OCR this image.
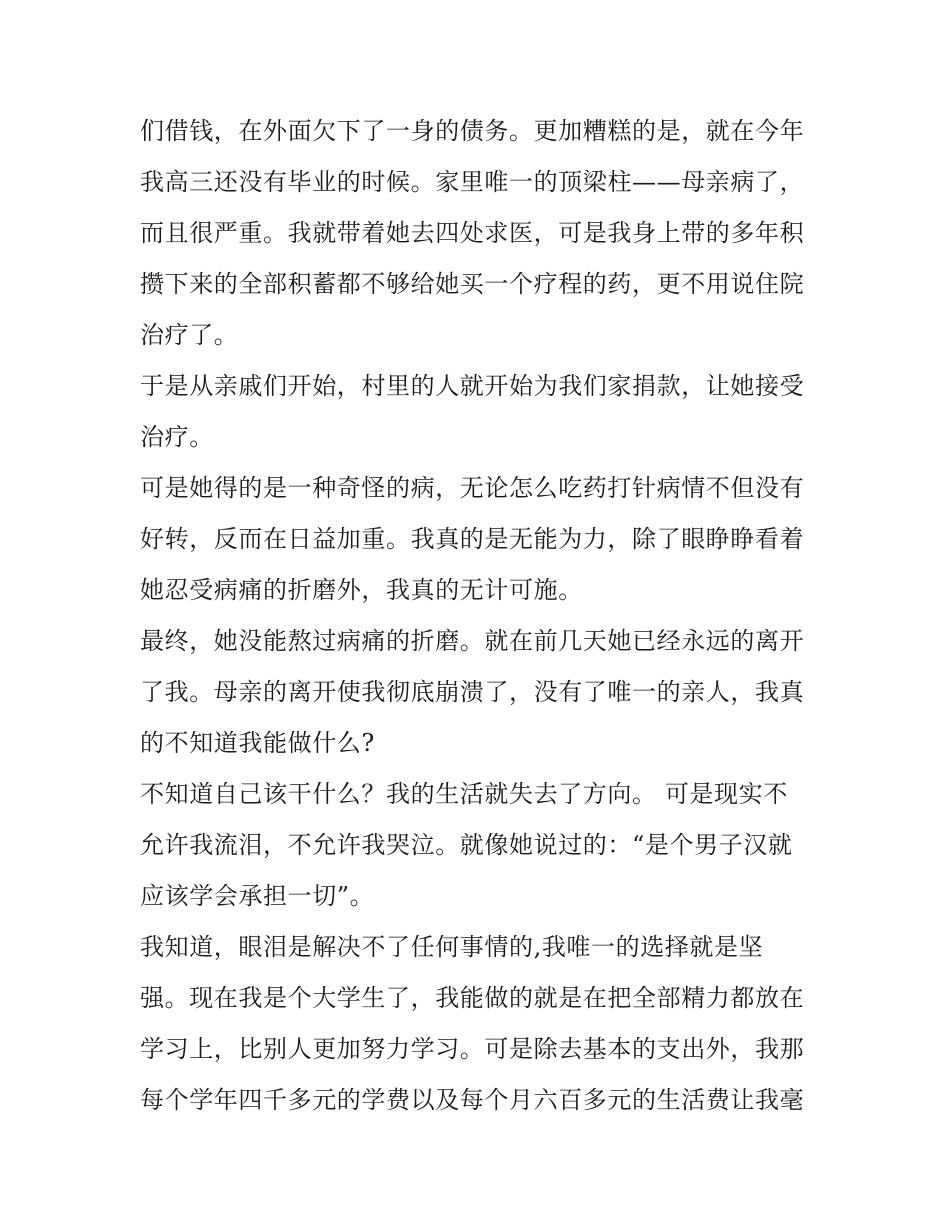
们借钱，在外面欠下了一身的债务。更加糟糕的是，就在今年
我高三还没有毕业的时候。家里唯一的顶梁柱——母亲病了，
而且很严重。我就带着她去四处求医，可是我身上带的多年积
攒下来的全部积蓄都不够给她买一个疗程的药，更不用说住院
治疗了。
于是从亲戚们开始，村里的人就开始为我们家捐款，让她接受
治疗。
可是她得的是一种奇怪的病，无论怎么吃药打针病情不但没有
好转，反而在日益加重。我真的是无能为力，除了眼睁睁看着
她忍受病痛的折磨外，我真的无计可施。
最终，她没能熬过病痛的折磨。就在前几天她已经永远的离开
了我。母亲的离开使我彻底崩溃了，没有了唯一的亲人，我真
的不知道我能做什么?
不知道自己该干什么？我的生活就失去了方向。 可是现实不
允许我流泪，不允许我哭泣。就像她说过的：“是个男子汉就
应该学会承担一切”。
我知道，眼泪是解决不了任何事情的,我唯一的选择就是坚
强。现在我是个大学生了，我能做的就是在把全部精力都放在
学习上，比别人更加努力学习。可是除去基本的支出外，我那
每个学年四千多元的学费以及每个月六百多元的生活费让我毫
